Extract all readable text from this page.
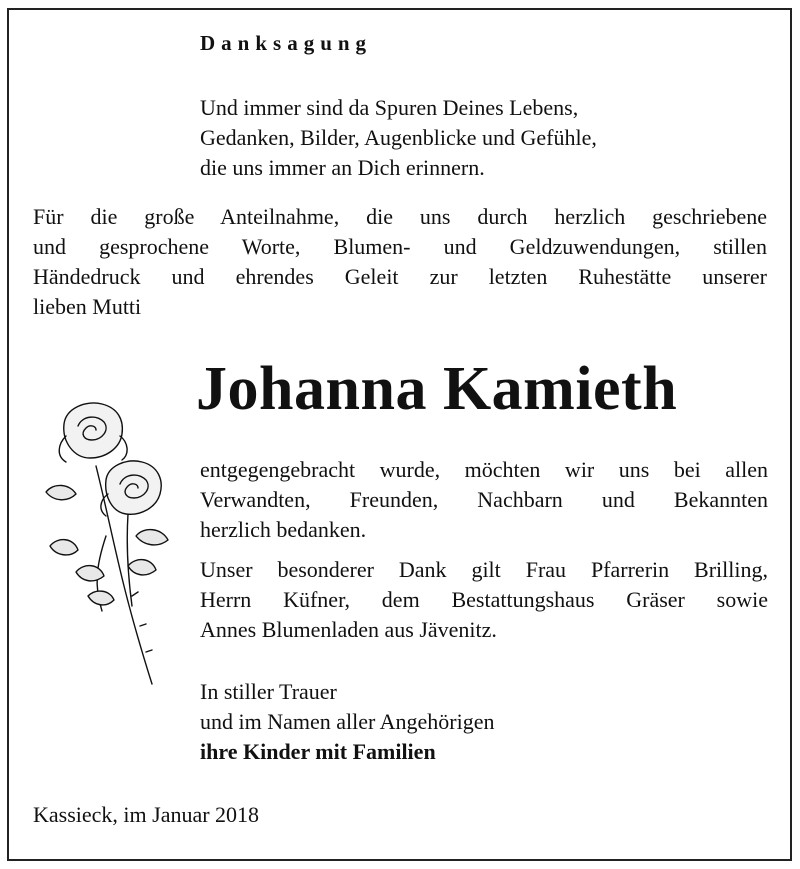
Danksagung
Und immer sind da Spuren Deines Lebens,
Gedanken, Bilder, Augenblicke und Gefühle,
die uns immer an Dich erinnern.
Für die große Anteilnahme, die uns durch herzlich geschriebene
und gesprochene Worte, Blumen- und Geldzuwendungen, stillen
Händedruck und ehrendes Geleit zur letzten Ruhestätte unserer
lieben Mutti
Johanna Kamieth
entgegengebracht wurde, möchten wir uns bei allen
Verwandten, Freunden, Nachbarn und Bekannten
herzlich bedanken.
Unser besonderer Dank gilt Frau Pfarrerin Brilling,
Herrn Küfner, dem Bestattungshaus Gräser sowie
Annes Blumenladen aus Jävenitz.
In stiller Trauer
und im Namen aller Angehörigen
ihre Kinder mit Familien
Kassieck, im Januar 2018
